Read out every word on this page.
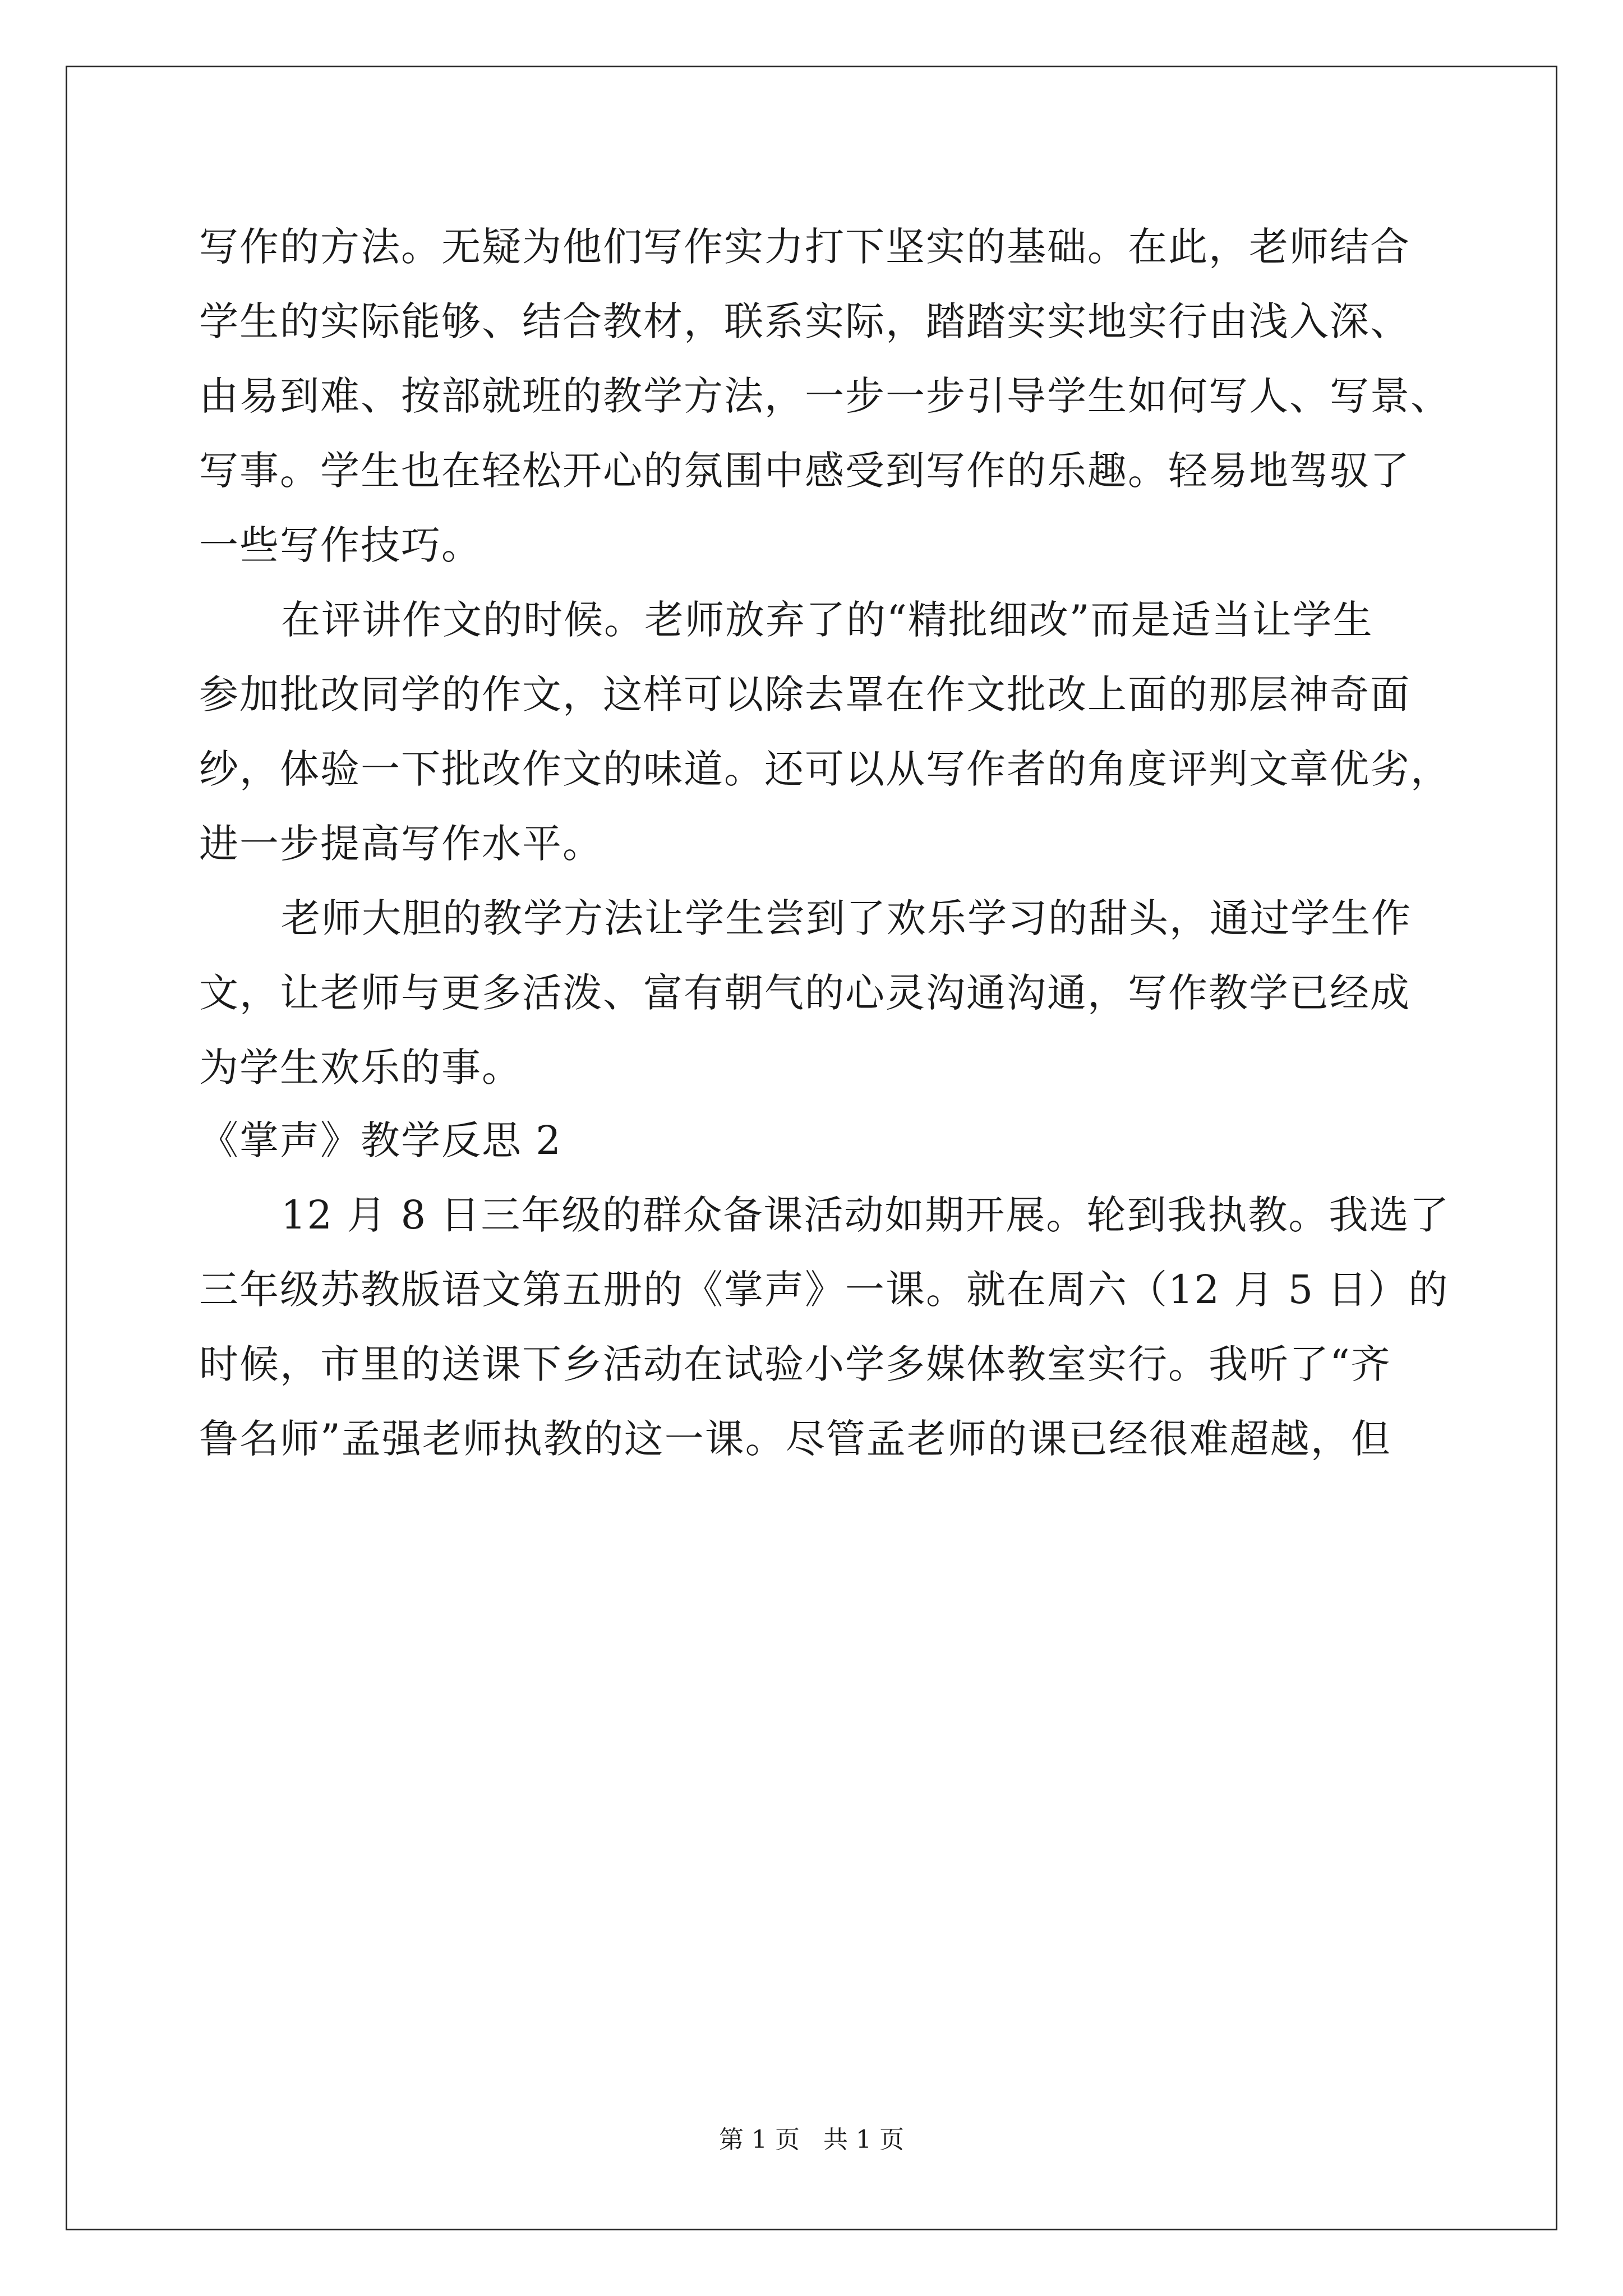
写作的方法。无疑为他们写作实力打下坚实的基础。在此，老师结合
学生的实际能够、结合教材，联系实际，踏踏实实地实行由浅入深、
由易到难、按部就班的教学方法，一步一步引导学生如何写人、写景、
写事。学生也在轻松开心的氛围中感受到写作的乐趣。轻易地驾驭了
一些写作技巧。
在评讲作文的时候。老师放弃了的“精批细改”而是适当让学生
参加批改同学的作文，这样可以除去罩在作文批改上面的那层神奇面
纱，体验一下批改作文的味道。还可以从写作者的角度评判文章优劣，
进一步提高写作水平。
老师大胆的教学方法让学生尝到了欢乐学习的甜头，通过学生作
文，让老师与更多活泼、富有朝气的心灵沟通沟通，写作教学已经成
为学生欢乐的事。
《掌声》教学反思 2
12 月 8 日三年级的群众备课活动如期开展。轮到我执教。我选了
三年级苏教版语文第五册的《掌声》一课。就在周六（12 月 5 日）的
时候，市里的送课下乡活动在试验小学多媒体教室实行。我听了“齐
鲁名师”孟强老师执教的这一课。尽管孟老师的课已经很难超越，但
第 1 页 共 1 页
